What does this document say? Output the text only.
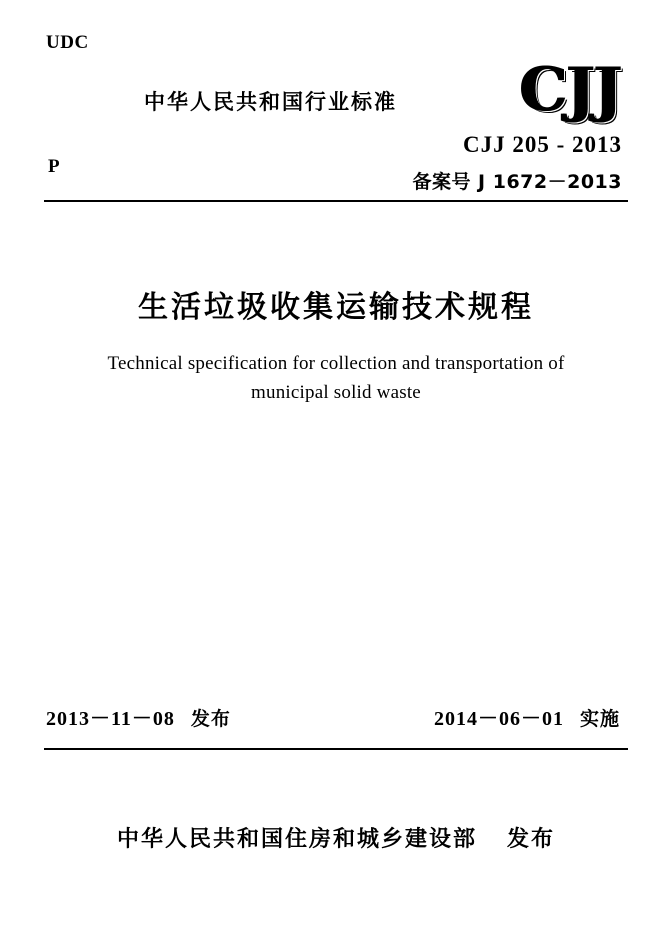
UDC
P
中华人民共和国行业标准 CJJ
CJJ 205 - 2013
备案号 J 1672－2013
生活垃圾收集运输技术规程
Technical specification for collection and transportation of
municipal solid waste
2013－11－08 发布	2014－06－01 实施
中华人民共和国住房和城乡建设部 发布
